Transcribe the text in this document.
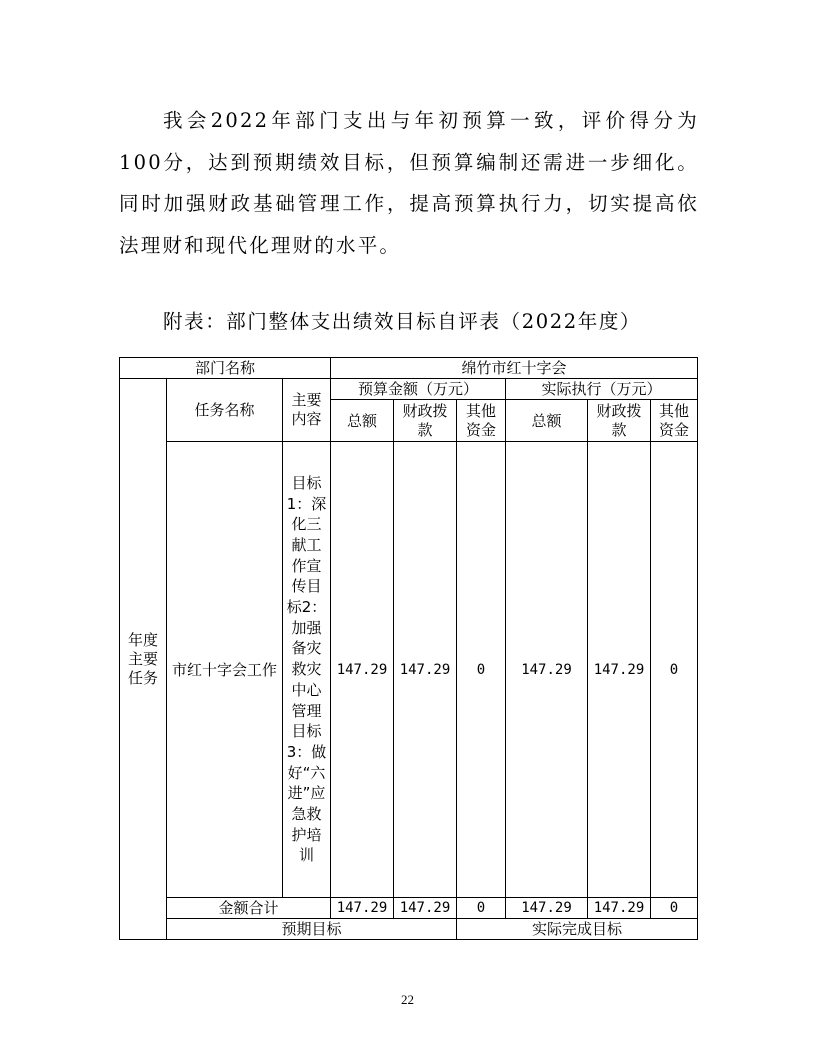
我会2022年部门支出与年初预算一致，评价得分为100分，达到预期绩效目标，但预算编制还需进一步细化。同时加强财政基础管理工作，提高预算执行力，切实提高依法理财和现代化理财的水平。

附表：部门整体支出绩效目标自评表（2022年度）

部门名称			绵竹市红十字会					
年度主要任务	任务名称	主要内容	预算金额（万元）			实际执行（万元）		
			总额	财政拨款	其他资金	总额	财政拨款	其他资金
	市红十字会工作	目标1：深化三献工作宣传目标2：加强备灾救灾中心管理目标3：做好“六进”应急救护培训	147.29	147.29	0	147.29	147.29	0
	金额合计		147.29	147.29	0	147.29	147.29	0
	预期目标				实际完成目标			
22
